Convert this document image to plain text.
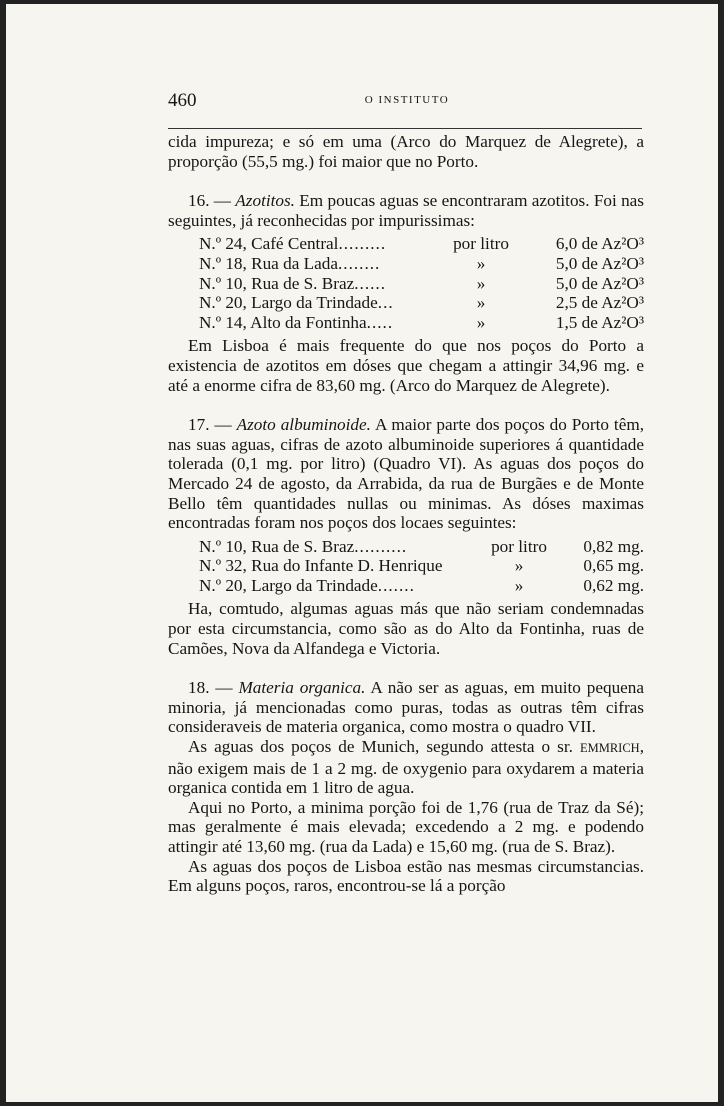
460	O INSTITUTO

cida impureza; e só em uma (Arco do Marquez de Alegrete), a proporção (55,5 mg.) foi maior que no Porto.

16. — Azotitos. Em poucas aguas se encontraram azotitos. Foi nas seguintes, já reconhecidas por impurissimas:

N.º 24, Café Central.........	por litro	6,0 de Az²O³
N.º 18, Rua da Lada........	»	5,0 de Az²O³
N.º 10, Rua de S. Braz......	»	5,0 de Az²O³
N.º 20, Largo da Trindade...	»	2,5 de Az²O³
N.º 14, Alto da Fontinha.....	»	1,5 de Az²O³

Em Lisboa é mais frequente do que nos poços do Porto a existencia de azotitos em dóses que chegam a attingir 34,96 mg. e até a enorme cifra de 83,60 mg. (Arco do Marquez de Alegrete).

17. — Azoto albuminoide. A maior parte dos poços do Porto têm, nas suas aguas, cifras de azoto albuminoide superiores á quantidade tolerada (0,1 mg. por litro) (Quadro VI). As aguas dos poços do Mercado 24 de agosto, da Arrabida, da rua de Burgães e de Monte Bello têm quantidades nullas ou minimas. As dóses maximas encontradas foram nos poços dos locaes seguintes:

N.º 10, Rua de S. Braz..........	por litro	0,82 mg.
N.º 32, Rua do Infante D. Henrique	»	0,65 mg.
N.º 20, Largo da Trindade.......	»	0,62 mg.

Ha, comtudo, algumas aguas más que não seriam condemnadas por esta circumstancia, como são as do Alto da Fontinha, ruas de Camões, Nova da Alfandega e Victoria.

18. — Materia organica. A não ser as aguas, em muito pequena minoria, já mencionadas como puras, todas as outras têm cifras consideraveis de materia organica, como mostra o quadro VII.

As aguas dos poços de Munich, segundo attesta o sr. EMMRICH, não exigem mais de 1 a 2 mg. de oxygenio para oxydarem a materia organica contida em 1 litro de agua.

Aqui no Porto, a minima porção foi de 1,76 (rua de Traz da Sé); mas geralmente é mais elevada; excedendo a 2 mg. e podendo attingir até 13,60 mg. (rua da Lada) e 15,60 mg. (rua de S. Braz).

As aguas dos poços de Lisboa estão nas mesmas circumstancias. Em alguns poços, raros, encontrou-se lá a porção
